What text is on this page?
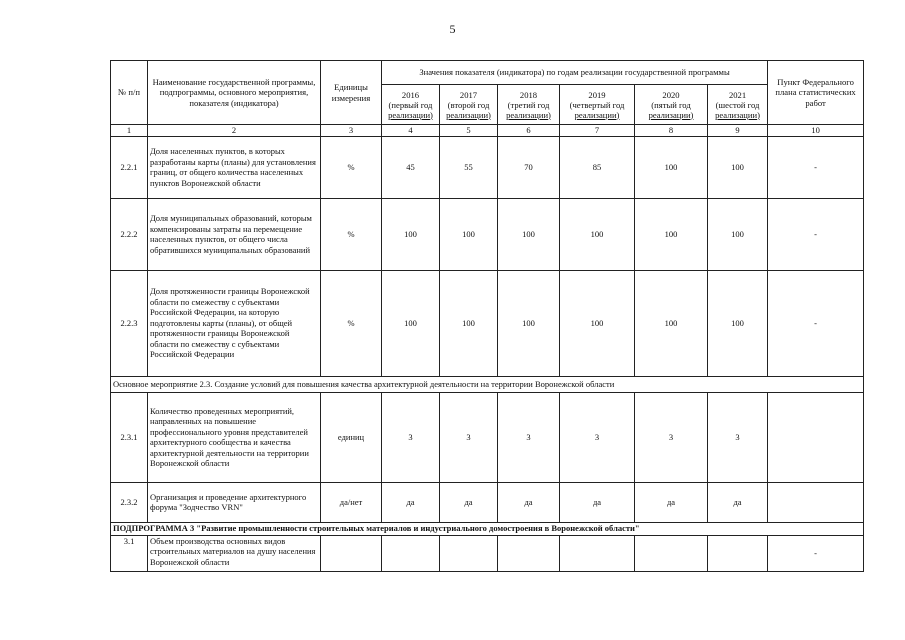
5
№ п/п	Наименование государственной программы, подпрограммы, основного мероприятия, показателя (индикатора)	Единицы измерения	Значения показателя (индикатора) по годам реализации государственной программы						Пункт Федерального плана статистических работ

			2016
(первый год
реализации)	2017
(второй год
реализации)	2018
(третий год
реализации)	2019
(четвертый год
реализации)	2020
(пятый год
реализации)	2021
(шестой год
реализации)	

1	2	3	4	5	6	7	8	9	10
2.2.1	Доля населенных пунктов, в которых разработаны карты (планы) для установления границ, от общего количества населенных пунктов Воронежской области	%	45	55	70	85	100	100	-
2.2.2	Доля муниципальных образований, которым компенсированы затраты на перемещение населенных пунктов, от общего числа обратившихся муниципальных образований	%	100	100	100	100	100	100	-
2.2.3	Доля протяженности границы Воронежской области по смежеству с субъектами Российской Федерации, на которую подготовлены карты (планы), от общей протяженности границы Воронежской области по смежеству с субъектами Российской Федерации	%	100	100	100	100	100	100	-
Основное мероприятие 2.3. Создание условий для повышения качества архитектурной деятельности на территории Воронежской области									
2.3.1	Количество проведенных мероприятий, направленных на повышение профессионального уровня представителей архитектурного сообщества и качества архитектурной деятельности на территории Воронежской области	единиц	3	3	3	3	3	3	
2.3.2	Организация и проведение архитектурного форума "Зодчество VRN"	да/нет	да	да	да	да	да	да	
ПОДПРОГРАММА 3 "Развитие промышленности строительных материалов и индустриального домостроения в Воронежской области"									
3.1	Объем производства основных видов строительных материалов на душу населения Воронежской области								-
